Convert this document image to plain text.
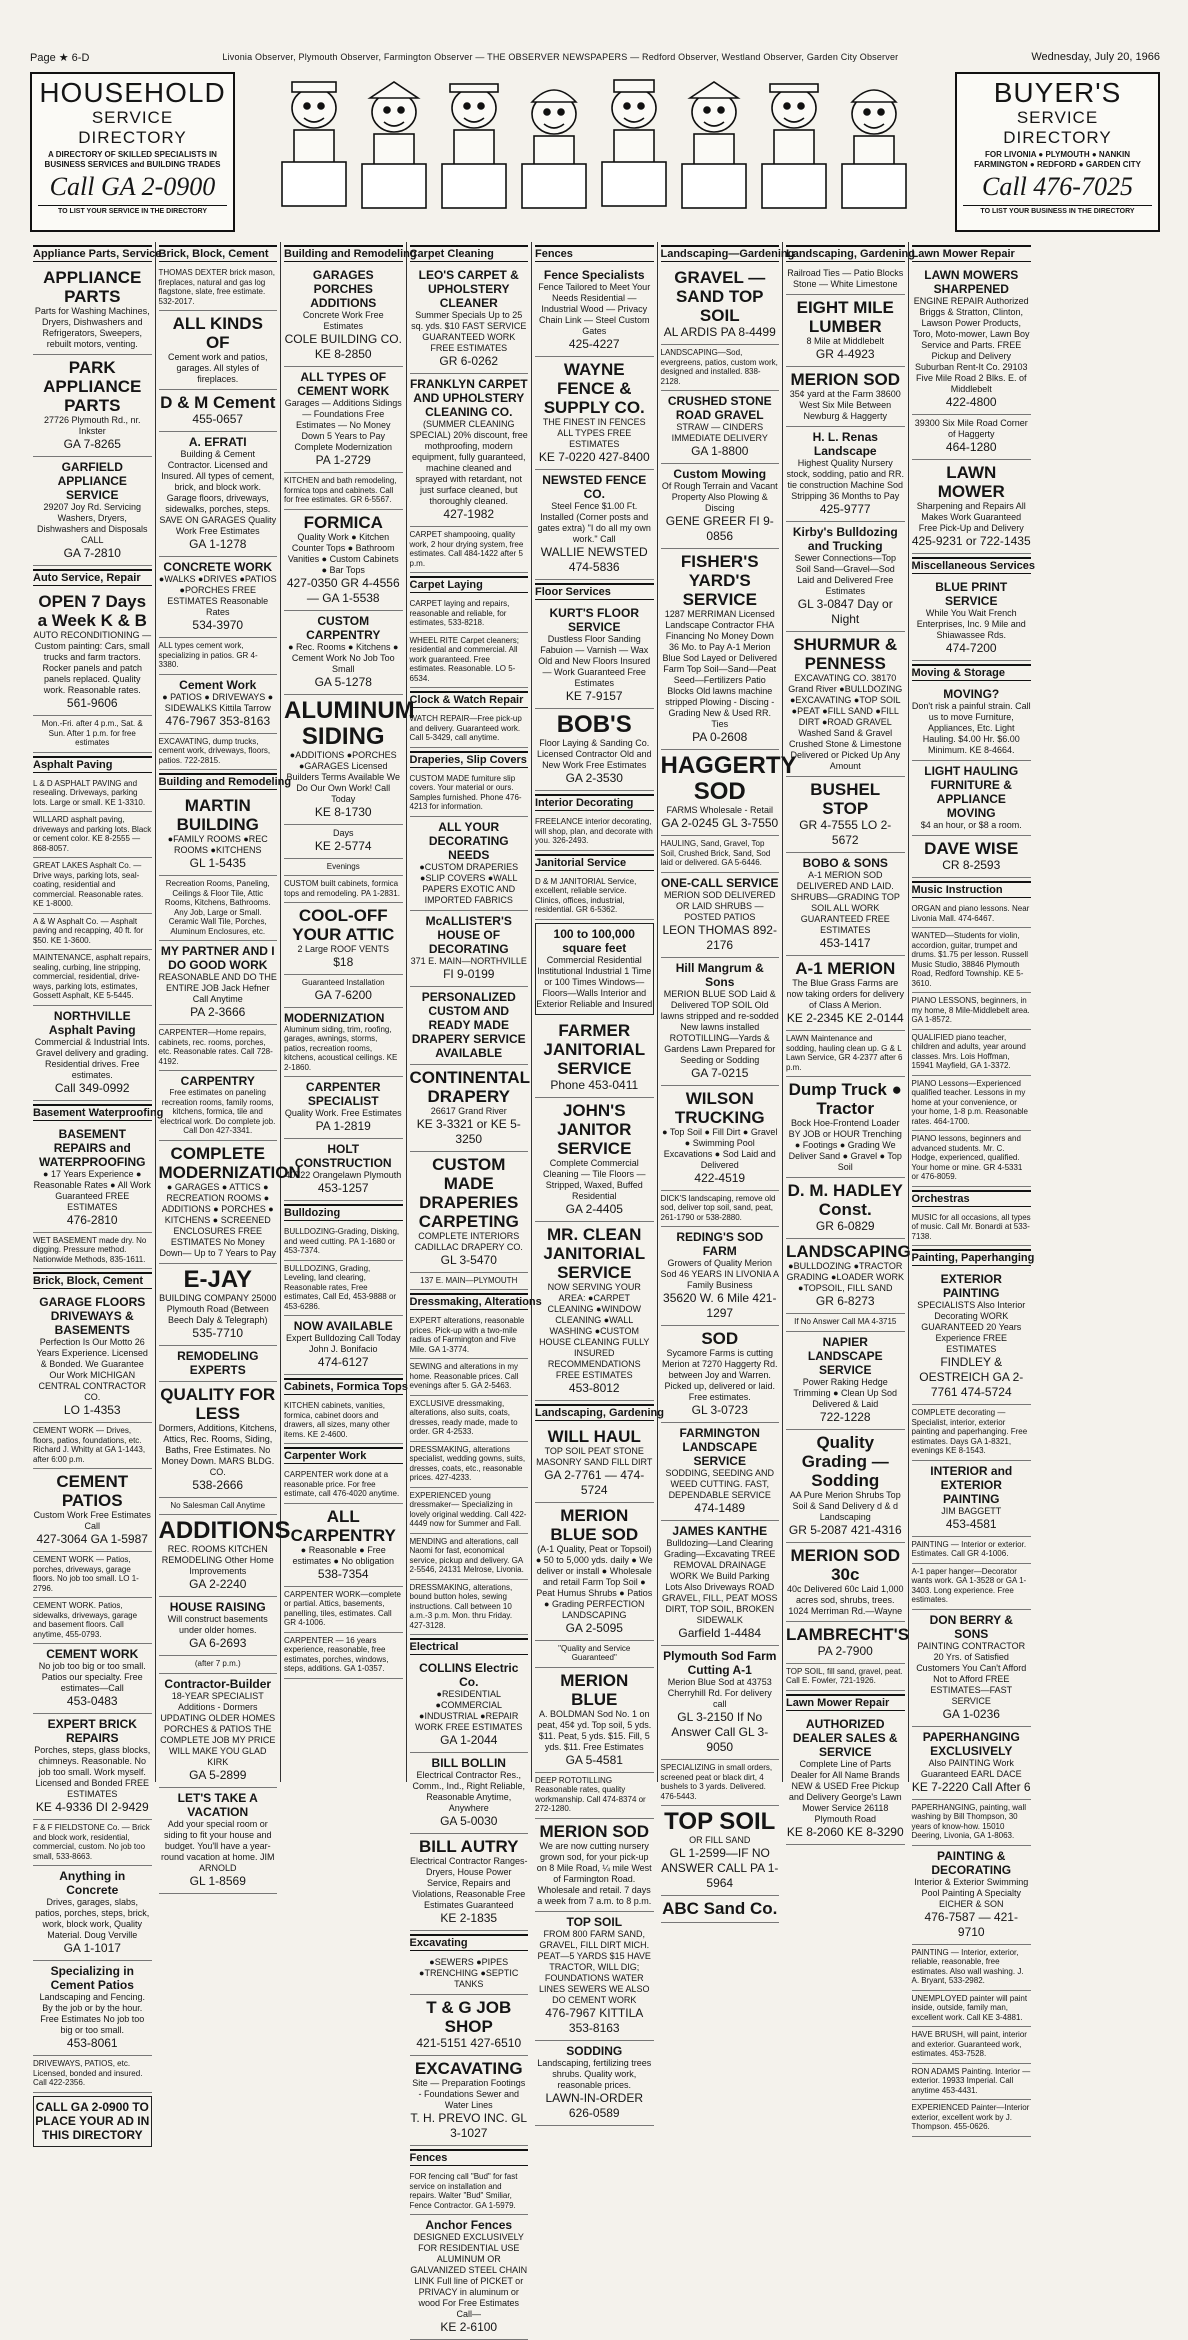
Page ★ 6-D	Livonia Observer, Plymouth Observer, Farmington Observer — THE OBSERVER NEWSPAPERS — Redford Observer, Westland Observer, Garden City Observer	Wednesday, July 20, 1966
HOUSEHOLD
SERVICE DIRECTORY
A DIRECTORY OF SKILLED SPECIALISTS IN BUSINESS SERVICES and BUILDING TRADES
Call GA 2-0900
TO LIST YOUR SERVICE IN THE DIRECTORY
BUYER'S
SERVICE DIRECTORY
FOR LIVONIA ● PLYMOUTH ● NANKIN FARMINGTON ● REDFORD ● GARDEN CITY
Call 476-7025
TO LIST YOUR BUSINESS IN THE DIRECTORY
Appliance Parts, Service
APPLIANCE PARTS
Parts for Washing Machines, Dryers, Dishwashers and Refrigerators, Sweepers, rebuilt motors, venting.
PARK APPLIANCE PARTS
27726 Plymouth Rd., nr. Inkster
GA 7-8265
GARFIELD APPLIANCE SERVICE
29207 Joy Rd. Servicing Washers, Dryers, Dishwashers and Disposals CALL
GA 7-2810
Auto Service, Repair
OPEN 7 Days a Week K & B
AUTO RECONDITIONING — Custom painting: Cars, small trucks and farm tractors. Rocker panels and patch panels replaced. Quality work. Reasonable rates.
561-9606
Mon.-Fri. after 4 p.m., Sat. & Sun. After 1 p.m. for free estimates
Asphalt Paving
L & D ASPHALT PAVING and resealing. Driveways, parking lots. Large or small. KE 1-3310.
WILLARD asphalt paving, driveways and parking lots. Black or cement color. KE 8-2555 — 868-8057.
GREAT LAKES Asphalt Co. — Drive ways, parking lots, seal-coating, residential and commercial. Reasonable rates. KE 1-8000.
A & W Asphalt Co. — Asphalt paving and recapping, 40 ft. for $50. KE 1-3600.
MAINTENANCE, asphalt repairs, sealing, curbing, line stripping, commercial, residential, drive-ways, parking lots, estimates, Gossett Asphalt, KE 5-5445.
NORTHVILLE Asphalt Paving
Commercial & Industrial Ints. Gravel delivery and grading. Residential drives. Free estimates.
Call 349-0992
Basement Waterproofing
BASEMENT REPAIRS and WATERPROOFING
● 17 Years Experience ● Reasonable Rates ● All Work Guaranteed FREE ESTIMATES
476-2810
WET BASEMENT made dry. No digging. Pressure method. Nationwide Methods, 835-1611.
Brick, Block, Cement
GARAGE FLOORS DRIVEWAYS & BASEMENTS
Perfection Is Our Motto 26 Years Experience. Licensed & Bonded. We Guarantee Our Work MICHIGAN CENTRAL CONTRACTOR CO.
LO 1-4353
CEMENT WORK — Drives, floors, patios, foundations, etc. Richard J. Whitty at GA 1-1443, after 6:00 p.m.
CEMENT PATIOS
Custom Work Free Estimates Call
427-3064 GA 1-5987
CEMENT WORK — Patios, porches, driveways, garage floors. No job too small. LO 1-2796.
CEMENT WORK. Patios, sidewalks, driveways, garage and basement floors. Call anytime, 455-0793.
CEMENT WORK
No job too big or too small. Patios our specialty. Free estimates—Call
453-0483
EXPERT BRICK REPAIRS
Porches, steps, glass blocks, chimneys. Reasonable. No job too small. Work myself. Licensed and Bonded FREE ESTIMATES
KE 4-9336 DI 2-9429
F & F FIELDSTONE Co. — Brick and block work, residential, commercial, custom. No job too small, 533-8663.
Anything in Concrete
Drives, garages, slabs, patios, porches, steps, brick, work, block work, Quality Material. Doug Verville
GA 1-1017
Specializing in Cement Patios
Landscaping and Fencing. By the job or by the hour. Free Estimates No job too big or too small.
453-8061
DRIVEWAYS, PATIOS, etc. Licensed, bonded and insured. Call 422-2356.
CALL GA 2-0900 TO PLACE YOUR AD IN THIS DIRECTORY
Brick, Block, Cement
THOMAS DEXTER brick mason, fireplaces, natural and gas log flagstone, slate, free estimate. 532-2017.
ALL KINDS OF
Cement work and patios, garages. All styles of fireplaces.
D & M Cement
455-0657
A. EFRATI
Building & Cement Contractor. Licensed and Insured. All types of cement, brick, and block work. Garage floors, driveways, sidewalks, porches, steps. SAVE ON GARAGES Quality Work Free Estimates
GA 1-1278
CONCRETE WORK
●WALKS ●DRIVES ●PATIOS ●PORCHES FREE ESTIMATES Reasonable Rates
534-3970
ALL types cement work, specializing in patios. GR 4-3380.
Cement Work
● PATIOS ● DRIVEWAYS ● SIDEWALKS Kittila Tarrow
476-7967 353-8163
EXCAVATING, dump trucks, cement work, driveways, floors, patios. 722-2815.
Building and Remodeling
MARTIN BUILDING
●FAMILY ROOMS ●REC ROOMS ●KITCHENS
GL 1-5435
Recreation Rooms, Paneling, Ceilings & Floor Tile, Attic Rooms, Kitchens, Bathrooms. Any Job, Large or Small. Ceramic Wall Tile, Porches, Aluminum Enclosures, etc.
MY PARTNER AND I DO GOOD WORK
REASONABLE AND DO THE ENTIRE JOB Jack Hefner Call Anytime
PA 2-3666
CARPENTER—Home repairs, cabinets, rec. rooms, porches, etc. Reasonable rates. Call 728-4192.
CARPENTRY
Free estimates on paneling recreation rooms, family rooms, kitchens, formica, tile and electrical work. Do complete job. Call Don 427-3341.
COMPLETE MODERNIZATION
● GARAGES ● ATTICS ● RECREATION ROOMS ● ADDITIONS ● PORCHES ● KITCHENS ● SCREENED ENCLOSURES FREE ESTIMATES No Money Down— Up to 7 Years to Pay
E-JAY
BUILDING COMPANY 25000 Plymouth Road (Between Beech Daly & Telegraph)
535-7710
REMODELING EXPERTS
QUALITY FOR LESS
Dormers, Additions, Kitchens, Attics, Rec. Rooms, Siding, Baths, Free Estimates. No Money Down. MARS BLDG. CO.
538-2666
No Salesman Call Anytime
ADDITIONS
REC. ROOMS KITCHEN REMODELING Other Home Improvements
GA 2-2240
HOUSE RAISING
Will construct basements under older homes.
GA 6-2693
(after 7 p.m.)
Contractor-Builder
18-YEAR SPECIALIST Additions - Dormers UPDATING OLDER HOMES PORCHES & PATIOS THE COMPLETE JOB MY PRICE WILL MAKE YOU GLAD KIRK
GA 5-2899
LET'S TAKE A VACATION
Add your special room or siding to fit your house and budget. You'll have a year-round vacation at home. JIM ARNOLD
GL 1-8569
Building and Remodeling
GARAGES PORCHES ADDITIONS
Concrete Work Free Estimates
COLE BUILDING CO. KE 8-2850
ALL TYPES OF CEMENT WORK
Garages — Additions Sidings — Foundations Free Estimates — No Money Down 5 Years to Pay Complete Modernization
PA 1-2729
KITCHEN and bath remodeling, formica tops and cabinets. Call for free estimates. GR 6-5567.
FORMICA
Quality Work ● Kitchen Counter Tops ● Bathroom Vanities ● Custom Cabinets ● Bar Tops
427-0350 GR 4-4556 — GA 1-5538
CUSTOM CARPENTRY
● Rec. Rooms ● Kitchens ● Cement Work No Job Too Small
GA 5-1278
ALUMINUM SIDING
●ADDITIONS ●PORCHES ●GARAGES Licensed Builders Terms Available We Do Our Own Work! Call Today
KE 8-1730
Days
KE 2-5774
Evenings
CUSTOM built cabinets, formica tops and remodeling. PA 1-2831.
COOL-OFF YOUR ATTIC
2 Large ROOF VENTS
$18
Guaranteed Installation
GA 7-6200
MODERNIZATION
Aluminum siding, trim, roofing, garages, awnings, storms, patios, recreation rooms, kitchens, acoustical ceilings. KE 2-1860.
CARPENTER SPECIALIST
Quality Work. Free Estimates
PA 1-2819
HOLT CONSTRUCTION
40722 Orangelawn Plymouth
453-1257
Bulldozing
BULLDOZING-Grading, Disking, and weed cutting. PA 1-1680 or 453-7374.
BULLDOZING, Grading, Leveling, land clearing, Reasonable rates, Free estimates, Call Ed, 453-9888 or 453-6286.
NOW AVAILABLE
Expert Bulldozing Call Today John J. Bonifacio
474-6127
Cabinets, Formica Tops
KITCHEN cabinets, vanities, formica, cabinet doors and drawers, all sizes, many other items. KE 2-4600.
Carpenter Work
CARPENTER work done at a reasonable price. For free estimate, call 476-4020 anytime.
ALL CARPENTRY
● Reasonable ● Free estimates ● No obligation
538-7354
CARPENTER WORK—complete or partial. Attics, basements, panelling, tiles, estimates. Call GR 4-1006.
CARPENTER — 16 years experience, reasonable, free estimates, porches, windows, steps, additions. GA 1-0357.
Carpet Cleaning
LEO'S CARPET & UPHOLSTERY CLEANER
Summer Specials Up to 25 sq. yds. $10 FAST SERVICE GUARANTEED WORK FREE ESTIMATES
GR 6-0262
FRANKLYN CARPET AND UPHOLSTERY CLEANING CO.
(SUMMER CLEANING SPECIAL) 20% discount, free mothproofing, modern equipment, fully guaranteed, machine cleaned and sprayed with retardant, not just surface cleaned, but thoroughly cleaned.
427-1982
CARPET shampooing, quality work, 2 hour drying system, free estimates. Call 484-1422 after 5 p.m.
Carpet Laying
CARPET laying and repairs, reasonable and reliable, for estimates, 533-8218.
WHEEL RITE Carpet cleaners; residential and commercial. All work guaranteed. Free estimates. Reasonable. LO 5-6534.
Clock & Watch Repair
WATCH REPAIR—Free pick-up and delivery. Guaranteed work. Call 5-3429, call anytime.
Draperies, Slip Covers
CUSTOM MADE furniture slip covers. Your material or ours. Samples furnished. Phone 476-4213 for information.
ALL YOUR DECORATING NEEDS
●CUSTOM DRAPERIES ●SLIP COVERS ●WALL PAPERS EXOTIC AND IMPORTED FABRICS
McALLISTER'S HOUSE OF DECORATING
371 E. MAIN—NORTHVILLE
FI 9-0199
PERSONALIZED CUSTOM AND READY MADE DRAPERY SERVICE AVAILABLE
CONTINENTAL DRAPERY
26617 Grand River
KE 3-3321 or KE 5-3250
CUSTOM MADE DRAPERIES CARPETING
COMPLETE INTERIORS CADILLAC DRAPERY CO.
GL 3-5470
137 E. MAIN—PLYMOUTH
Dressmaking, Alterations
EXPERT alterations, reasonable prices. Pick-up with a two-mile radius of Farmington and Five Mile. GA 1-3774.
SEWING and alterations in my home. Reasonable prices. Call evenings after 5. GA 2-5463.
EXCLUSIVE dressmaking, alterations, also suits, coats, dresses, ready made, made to order. GR 4-2533.
DRESSMAKING, alterations specialist, wedding gowns, suits, dresses, coats, etc., reasonable prices. 427-4233.
EXPERIENCED young dressmaker— Specializing in lovely original wedding. Call 422-4449 now for Summer and Fall.
MENDING and alterations, call Naomi for fast, economical service, pickup and delivery. GA 2-5546, 24131 Melrose, Livonia.
DRESSMAKING, alterations, bound button holes, sewing instructions. Call between 10 a.m.-3 p.m. Mon. thru Friday. 427-3128.
Electrical
COLLINS Electric Co.
●RESIDENTIAL ●COMMERCIAL ●INDUSTRIAL ●REPAIR WORK FREE ESTIMATES
GA 1-2044
BILL BOLLIN
Electrical Contractor Res., Comm., Ind., Right Reliable, Reasonable Anytime, Anywhere
GA 5-0030
BILL AUTRY
Electrical Contractor Ranges-Dryers, House Power Service, Repairs and Violations, Reasonable Free Estimates Guaranteed
KE 2-1835
Excavating
●SEWERS ●PIPES ●TRENCHING ●SEPTIC TANKS
T & G JOB SHOP
421-5151 427-6510
EXCAVATING
Site — Preparation Footings - Foundations Sewer and Water Lines
T. H. PREVO INC. GL 3-1027
Fences
FOR fencing call "Bud" for fast service on installation and repairs. Walter "Bud" Smiliar, Fence Contractor. GA 1-5979.
Anchor Fences
DESIGNED EXCLUSIVELY FOR RESIDENTIAL USE ALUMINUM OR GALVANIZED STEEL CHAIN LINK Full line of PICKET or PRIVACY in aluminum or wood For Free Estimates Call—
KE 2-6100
Fences
Fence Specialists
Fence Tailored to Meet Your Needs Residential — Industrial Wood — Privacy Chain Link — Steel Custom Gates
425-4227
WAYNE FENCE & SUPPLY CO.
THE FINEST IN FENCES ALL TYPES FREE ESTIMATES
KE 7-0220 427-8400
NEWSTED FENCE CO.
Steel Fence $1.00 Ft. Installed (Corner posts and gates extra) "I do all my own work." Call
WALLIE NEWSTED 474-5836
Floor Services
KURT'S FLOOR SERVICE
Dustless Floor Sanding Fabuion — Varnish — Wax Old and New Floors Insured — Work Guaranteed Free Estimates
KE 7-9157
BOB'S
Floor Laying & Sanding Co. Licensed Contractor Old and New Work Free Estimates
GA 2-3530
Interior Decorating
FREELANCE interior decorating, will shop, plan, and decorate with you. 326-2493.
Janitorial Service
D & M JANITORIAL Service, excellent, reliable service. Clinics, offices, industrial, residential. GR 6-5362.
100 to 100,000 square feet
Commercial Residential Institutional Industrial 1 Time or 100 Times Windows—Floors—Walls Interior and Exterior Reliable and Insured
FARMER JANITORIAL SERVICE
Phone 453-0411
JOHN'S JANITOR SERVICE
Complete Commercial Cleaning — Tile Floors — Stripped, Waxed, Buffed Residential
GA 2-4405
MR. CLEAN JANITORIAL SERVICE
NOW SERVING YOUR AREA: ●CARPET CLEANING ●WINDOW CLEANING ●WALL WASHING ●CUSTOM HOUSE CLEANING FULLY INSURED RECOMMENDATIONS FREE ESTIMATES
453-8012
Landscaping, Gardening
WILL HAUL
TOP SOIL PEAT STONE MASONRY SAND FILL DIRT
GA 2-7761 — 474-5724
MERION BLUE SOD
(A-1 Quality, Peat or Topsoil) ● 50 to 5,000 yds. daily ● We deliver or install ● Wholesale and retail Farm Top Soil ● Peat Humus Shrubs ● Patios ● Grading PERFECTION LANDSCAPING
GA 2-5095
"Quality and Service Guaranteed"
MERION BLUE
A. BOLDMAN Sod No. 1 on peat, 45¢ yd. Top soil, 5 yds. $11. Peat, 5 yds. $15. Fill, 5 yds. $11. Free Estimates
GA 5-4581
DEEP ROTOTILLING Reasonable rates, quality workmanship. Call 474-8374 or 272-1280.
MERION SOD
We are now cutting nursery grown sod, for your pick-up on 8 Mile Road, ¼ mile West of Farmington Road. Wholesale and retail. 7 days a week from 7 a.m. to 8 p.m.
TOP SOIL
FROM 800 FARM SAND, GRAVEL, FILL DIRT MICH. PEAT—5 YARDS $15 HAVE TRACTOR, WILL DIG; FOUNDATIONS WATER LINES SEWERS WE ALSO DO CEMENT WORK
476-7967 KITTILA 353-8163
SODDING
Landscaping, fertilizing trees shrubs. Quality work, reasonable prices.
LAWN-IN-ORDER 626-0589
Landscaping—Gardening
GRAVEL — SAND TOP SOIL
AL ARDIS PA 8-4499
LANDSCAPING—Sod, evergreens, patios, custom work, designed and installed. 838-2128.
CRUSHED STONE ROAD GRAVEL
STRAW — CINDERS IMMEDIATE DELIVERY
GA 1-8800
Custom Mowing
Of Rough Terrain and Vacant Property Also Plowing & Discing
GENE GREER FI 9-0856
FISHER'S YARD'S SERVICE
1287 MERRIMAN Licensed Landscape Contractor FHA Financing No Money Down 36 Mo. to Pay A-1 Merion Blue Sod Layed or Delivered Farm Top Soil—Sand—Peat Seed—Fertilizers Patio Blocks Old lawns machine stripped Plowing - Discing - Grading New & Used RR. Ties
PA 0-2608
HAGGERTY SOD
FARMS Wholesale - Retail
GA 2-0245 GL 3-7550
HAULING, Sand, Gravel, Top Soil, Crushed Brick, Sand, Sod laid or delivered. GA 5-6446.
ONE-CALL SERVICE
MERION SOD DELIVERED OR LAID SHRUBS — POSTED PATIOS
LEON THOMAS 892-2176
Hill Mangrum & Sons
MERION BLUE SOD Laid & Delivered TOP SOIL Old lawns stripped and re-sodded New lawns installed ROTOTILLING—Yards & Gardens Lawn Prepared for Seeding or Sodding
GA 7-0215
WILSON TRUCKING
● Top Soil ● Fill Dirt ● Gravel ● Swimming Pool Excavations ● Sod Laid and Delivered
422-4519
DICK'S landscaping, remove old sod, deliver top soil, sand, peat, 261-1790 or 538-2880.
REDING'S SOD FARM
Growers of Quality Merion Sod 46 YEARS IN LIVONIA A Family Business
35620 W. 6 Mile 421-1297
SOD
Sycamore Farms is cutting Merion at 7270 Haggerty Rd. between Joy and Warren. Picked up, delivered or laid. Free estimates.
GL 3-0723
FARMINGTON LANDSCAPE SERVICE
SODDING, SEEDING AND WEED CUTTING. FAST, DEPENDABLE SERVICE
474-1489
JAMES KANTHE
Bulldozing—Land Clearing Grading—Excavating TREE REMOVAL DRAINAGE WORK We Build Parking Lots Also Driveways ROAD GRAVEL, FILL, PEAT MOSS DIRT, TOP SOIL, BROKEN SIDEWALK
Garfield 1-4484
Plymouth Sod Farm Cutting A-1
Merion Blue Sod at 43753 Cherryhill Rd. For delivery call
GL 3-2150 If No Answer Call GL 3-9050
SPECIALIZING in small orders, screened peat or black dirt, 4 bushels to 3 yards. Delivered. 476-5443.
TOP SOIL
OR FILL SAND
GL 1-2599—IF NO ANSWER CALL PA 1-5964
ABC Sand Co.
Landscaping, Gardening
Railroad Ties — Patio Blocks Stone — White Limestone
EIGHT MILE LUMBER
8 Mile at Middlebelt
GR 4-4923
MERION SOD
35¢ yard at the Farm 38600 West Six Mile Between Newburg & Haggerty
H. L. Renas Landscape
Highest Quality Nursery stock, sodding, patio and RR. tie construction Machine Sod Stripping 36 Months to Pay
425-9777
Kirby's Bulldozing and Trucking
Sewer Connections—Top Soil Sand—Gravel—Sod Laid and Delivered Free Estimates
GL 3-0847 Day or Night
SHURMUR & PENNESS
EXCAVATING CO. 38170 Grand River ●BULLDOZING ●EXCAVATING ●TOP SOIL ●PEAT ●FILL SAND ●FILL DIRT ●ROAD GRAVEL Washed Sand & Gravel Crushed Stone & Limestone Delivered or Picked Up Any Amount
BUSHEL STOP
GR 4-7555 LO 2-5672
BOBO & SONS
A-1 MERION SOD DELIVERED AND LAID. SHRUBS—GRADING TOP SOIL ALL WORK GUARANTEED FREE ESTIMATES
453-1417
A-1 MERION
The Blue Grass Farms are now taking orders for delivery of Class A Merion.
KE 2-2345 KE 2-0144
LAWN Maintenance and sodding, hauling clean up. G & L Lawn Service, GR 4-2377 after 6 p.m.
Dump Truck ● Tractor
Bock Hoe-Frontend Loader BY JOB or HOUR Trenching ● Footings ● Grading We Deliver Sand ● Gravel ● Top Soil
D. M. HADLEY Const.
GR 6-0829
LANDSCAPING
●BULLDOZING ●TRACTOR GRADING ●LOADER WORK ●TOPSOIL, FILL SAND
GR 6-8273
If No Answer Call MA 4-3715
NAPIER LANDSCAPE SERVICE
Power Raking Hedge Trimming ● Clean Up Sod Delivered & Laid
722-1228
Quality Grading — Sodding
AA Pure Merion Shrubs Top Soil & Sand Delivery d & d Landscaping
GR 5-2087 421-4316
MERION SOD 30c
40c Delivered 60c Laid 1,000 acres sod, shrubs, trees. 1024 Merriman Rd.—Wayne
LAMBRECHT'S
PA 2-7900
TOP SOIL, fill sand, gravel, peat. Call E. Fowler, 721-1926.
Lawn Mower Repair
AUTHORIZED DEALER SALES & SERVICE
Complete Line of Parts Dealer for All Name Brands NEW & USED Free Pickup and Delivery George's Lawn Mower Service 26118 Plymouth Road
KE 8-2060 KE 8-3290
Lawn Mower Repair
LAWN MOWERS SHARPENED
ENGINE REPAIR Authorized Briggs & Stratton, Clinton, Lawson Power Products, Toro, Moto-mower, Lawn Boy Service and Parts. FREE Pickup and Delivery Suburban Rent-It Co. 29103 Five Mile Road 2 Blks. E. of Middlebelt
422-4800
39300 Six Mile Road Corner of Haggerty
464-1280
LAWN MOWER
Sharpening and Repairs All Makes Work Guaranteed Free Pick-Up and Delivery
425-9231 or 722-1435
Miscellaneous Services
BLUE PRINT SERVICE
While You Wait French Enterprises, Inc. 9 Mile and Shiawassee Rds.
474-7200
Moving & Storage
MOVING?
Don't risk a painful strain. Call us to move Furniture, Appliances, Etc. Light Hauling. $4.00 Hr. $6.00 Minimum. KE 8-4664.
LIGHT HAULING FURNITURE & APPLIANCE MOVING
$4 an hour, or $8 a room.
DAVE WISE
CR 8-2593
Music Instruction
ORGAN and piano lessons. Near Livonia Mall. 474-6467.
WANTED—Students for violin, accordion, guitar, trumpet and drums. $1.75 per lesson. Russell Music Studio, 38846 Plymouth Road, Redford Township. KE 5-3610.
PIANO LESSONS, beginners, in my home, 8 Mile-Middlebelt area. GA 1-8572.
QUALIFIED piano teacher, children and adults, year around classes. Mrs. Lois Hoffman, 15941 Mayfield, GA 1-3372.
PIANO Lessons—Experienced qualified teacher. Lessons in my home at your convenience, or your home, 1-8 p.m. Reasonable rates. 464-1700.
PIANO lessons, beginners and advanced students. Mr. C. Hodge, experienced, qualified. Your home or mine. GR 4-5331 or 476-8059.
Orchestras
MUSIC for all occasions, all types of music. Call Mr. Bonardi at 533-7138.
Painting, Paperhanging
EXTERIOR PAINTING
SPECIALISTS Also Interior Decorating WORK GUARANTEED 20 Years Experience FREE ESTIMATES
FINDLEY & OESTREICH GA 2-7761 474-5724
COMPLETE decorating — Specialist, interior, exterior painting and paperhanging. Free estimates. Days GA 1-8321, evenings KE 8-1543.
INTERIOR and EXTERIOR PAINTING
JIM BAGGETT
453-4581
PAINTING — Interior or exterior. Estimates. Call GR 4-1006.
A-1 paper hanger—Decorator wants work. GA 1-3528 or GA 1-3403. Long experience. Free estimates.
DON BERRY & SONS
PAINTING CONTRACTOR 20 Yrs. of Satisfied Customers You Can't Afford Not to Afford FREE ESTIMATES—FAST SERVICE
GA 1-0236
PAPERHANGING EXCLUSIVELY
Also PAINTING Work Guaranteed EARL DACE
KE 7-2220 Call After 6
PAPERHANGING, painting, wall washing by Bill Thompson, 30 years of know-how. 15010 Deering, Livonia, GA 1-8063.
PAINTING & DECORATING
Interior & Exterior Swimming Pool Painting A Specialty EICHER & SON
476-7587 — 421-9710
PAINTING — Interior, exterior, reliable, reasonable, free estimates. Also wall washing. J. A. Bryant, 533-2982.
UNEMPLOYED painter will paint inside, outside, family man, excellent work. Call KE 3-4881.
HAVE BRUSH, will paint, interior and exterior. Guaranteed work, estimates. 453-7528.
RON ADAMS Painting. Interior — exterior. 19933 Imperial. Call anytime 453-4431.
EXPERIENCED Painter—Interior exterior, excellent work by J. Thompson. 455-0626.
